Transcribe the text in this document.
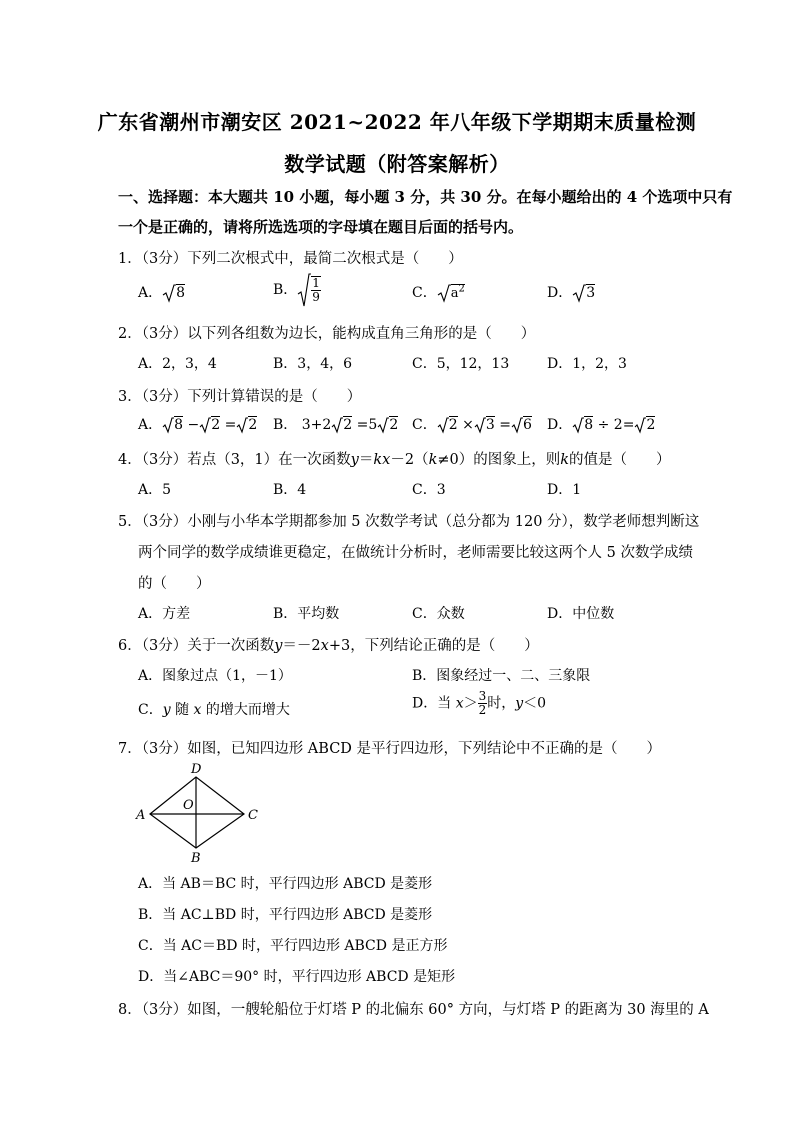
广东省潮州市潮安区 2021~2022 年八年级下学期期末质量检测
数学试题（附答案解析）
一、选择题：本大题共 10 小题，每小题 3 分，共 30 分。在每小题给出的 4 个选项中只有
一个是正确的，请将所选选项的字母填在题目后面的括号内。
1．（3分）下列二次根式中，最简二次根式是（　　）
A． 8	B． $\frac{1}{9}$	C． $a^2$	D． 3
2．（3分）以下列各组数为边长，能构成直角三角形的是（　　）
A．2，3，4	B．3，4，6	C．5，12，13	D．1，2，3
3．（3分）下列计算错误的是（　　）
A． 8 − 2 = 2 B． 3+2 2 =5 2 C． 2 × 3 = 6 D． 8 ÷ 2= 2
4．（3分）若点（3，1）在一次函数y＝kx－2（k≠0）的图象上，则k的值是（　　）
A．5	B．4	C．3	D．1
5．（3分）小刚与小华本学期都参加 5 次数学考试（总分都为 120 分），数学老师想判断这
两个同学的数学成绩谁更稳定，在做统计分析时，老师需要比较这两个人 5 次数学成绩
的（　　）
A．方差	B．平均数	C．众数	D．中位数
6．（3分）关于一次函数y＝－2x+3，下列结论正确的是（　　）
A．图象过点（1，－1）	B．图象经过一、二、三象限
C．y 随 x 的增大而增大	D．当 $x> \frac{3}{2}$ 时，y＜0
7．（3分）如图，已知四边形 ABCD 是平行四边形，下列结论中不正确的是（　　）
D
A	C
B
O
A．当 AB＝BC 时，平行四边形 ABCD 是菱形
B．当 AC⊥BD 时，平行四边形 ABCD 是菱形
C．当 AC＝BD 时，平行四边形 ABCD 是正方形
D．当∠ABC＝90° 时，平行四边形 ABCD 是矩形
8．（3分）如图，一艘轮船位于灯塔 P 的北偏东 60° 方向，与灯塔 P 的距离为 30 海里的 A
